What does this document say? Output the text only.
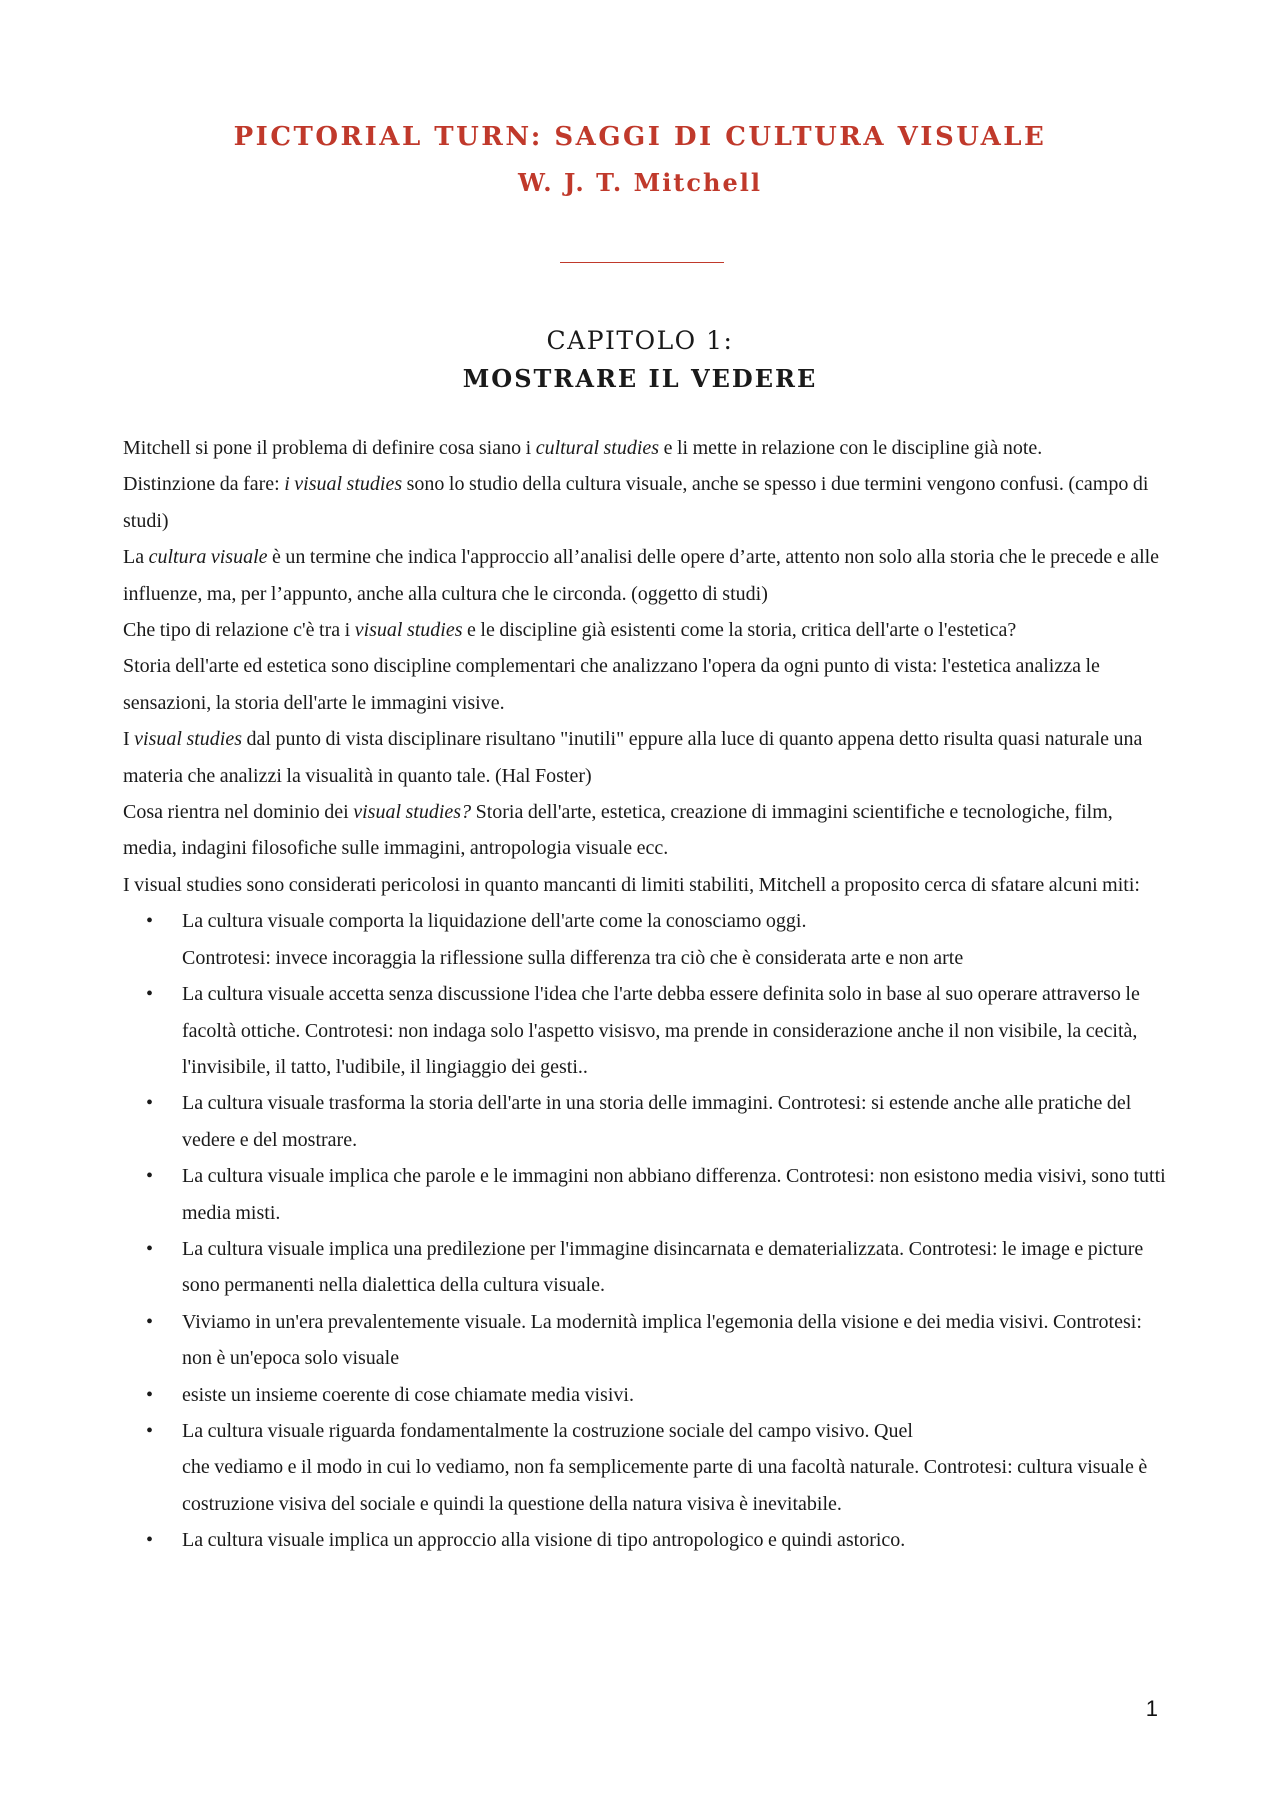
PICTORIAL TURN: SAGGI DI CULTURA VISUALE
W. J. T. Mitchell
CAPITOLO 1:
MOSTRARE IL VEDERE

Mitchell si pone il problema di definire cosa siano i cultural studies e li mette in relazione con le discipline già note.

Distinzione da fare: i visual studies sono lo studio della cultura visuale, anche se spesso i due termini vengono confusi. (campo di studi)

La cultura visuale è un termine che indica l'approccio all’analisi delle opere d’arte, attento non solo alla storia che le precede e alle influenze, ma, per l’appunto, anche alla cultura che le circonda. (oggetto di studi)

Che tipo di relazione c'è tra i visual studies e le discipline già esistenti come la storia, critica dell'arte o l'estetica?

Storia dell'arte ed estetica sono discipline complementari che analizzano l'opera da ogni punto di vista: l'estetica analizza le sensazioni, la storia dell'arte le immagini visive.

I visual studies dal punto di vista disciplinare risultano "inutili" eppure alla luce di quanto appena detto risulta quasi naturale una materia che analizzi la visualità in quanto tale. (Hal Foster)

Cosa rientra nel dominio dei visual studies? Storia dell'arte, estetica, creazione di immagini scientifiche e tecnologiche, film, media, indagini filosofiche sulle immagini, antropologia visuale ecc.

I visual studies sono considerati pericolosi in quanto mancanti di limiti stabiliti, Mitchell a proposito cerca di sfatare alcuni miti:

• La cultura visuale comporta la liquidazione dell'arte come la conosciamo oggi.
Controtesi: invece incoraggia la riflessione sulla differenza tra ciò che è considerata arte e non arte
• La cultura visuale accetta senza discussione l'idea che l'arte debba essere definita solo in base al suo operare attraverso le facoltà ottiche. Controtesi: non indaga solo l'aspetto visisvo, ma prende in considerazione anche il non visibile, la cecità, l'invisibile, il tatto, l'udibile, il lingiaggio dei gesti..
• La cultura visuale trasforma la storia dell'arte in una storia delle immagini. Controtesi: si estende anche alle pratiche del vedere e del mostrare.
• La cultura visuale implica che parole e le immagini non abbiano differenza. Controtesi: non esistono media visivi, sono tutti media misti.
• La cultura visuale implica una predilezione per l'immagine disincarnata e dematerializzata. Controtesi: le image e picture sono permanenti nella dialettica della cultura visuale.
• Viviamo in un'era prevalentemente visuale. La modernità implica l'egemonia della visione e dei media visivi. Controtesi: non è un'epoca solo visuale
• esiste un insieme coerente di cose chiamate media visivi.
• La cultura visuale riguarda fondamentalmente la costruzione sociale del campo visivo. Quel
che vediamo e il modo in cui lo vediamo, non fa semplicemente parte di una facoltà naturale. Controtesi: cultura visuale è costruzione visiva del sociale e quindi la questione della natura visiva è inevitabile.
• La cultura visuale implica un approccio alla visione di tipo antropologico e quindi astorico.
1
